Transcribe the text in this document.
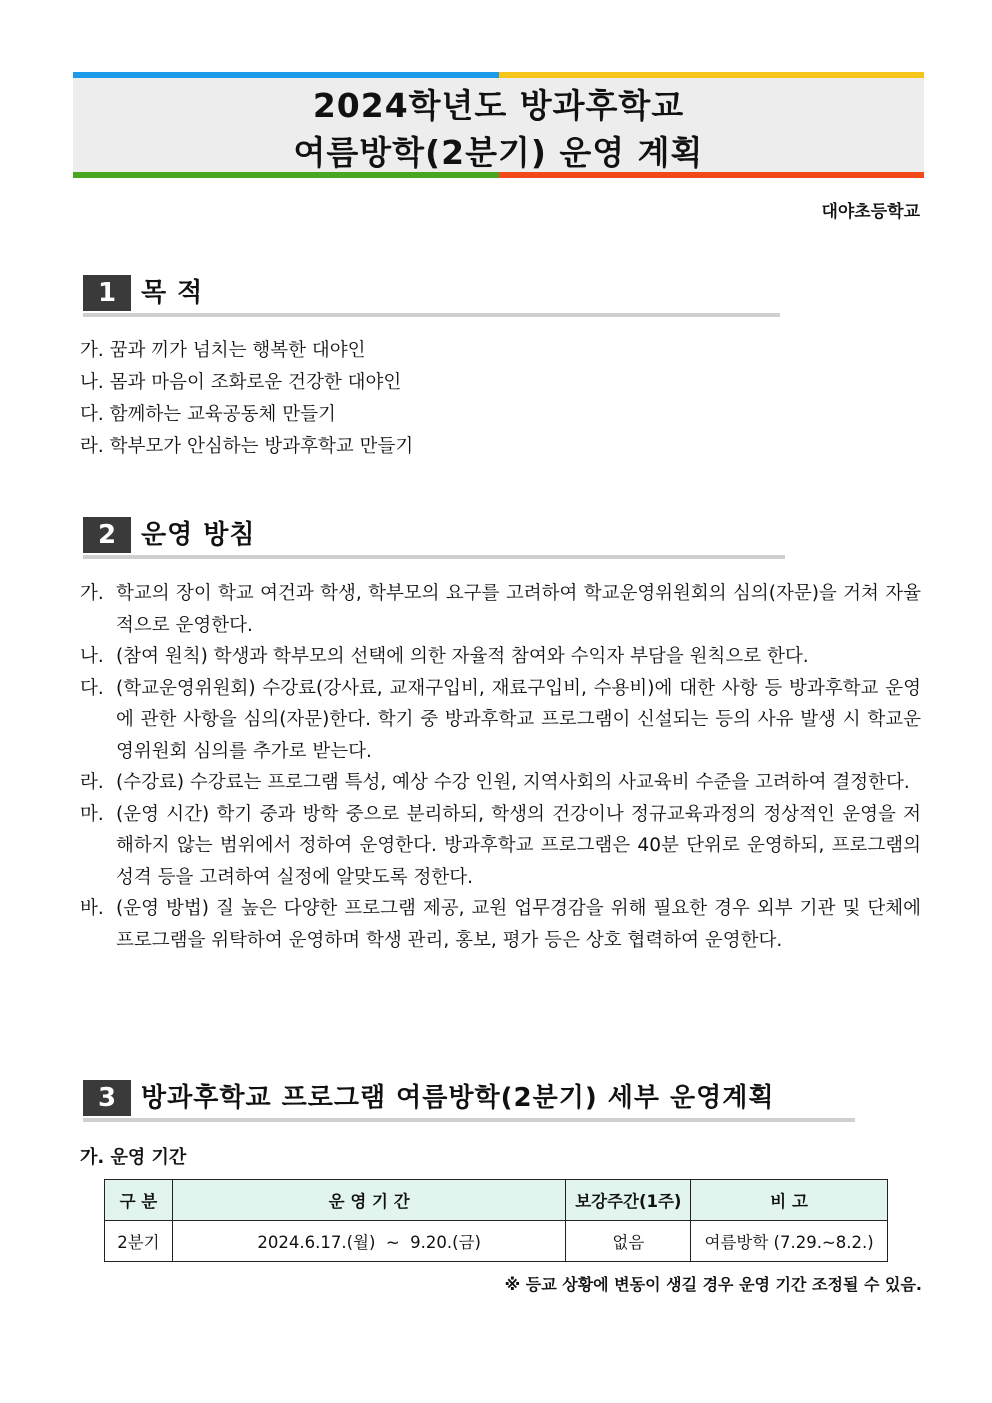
2024학년도 방과후학교
여름방학(2분기) 운영 계획
대야초등학교
1 목 적
가. 꿈과 끼가 넘치는 행복한 대야인
나. 몸과 마음이 조화로운 건강한 대야인
다. 함께하는 교육공동체 만들기
라. 학부모가 안심하는 방과후학교 만들기
2 운영 방침
가. 학교의 장이 학교 여건과 학생, 학부모의 요구를 고려하여 학교운영위원회의 심의(자문)을 거쳐 자율적으로 운영한다.
나. (참여 원칙) 학생과 학부모의 선택에 의한 자율적 참여와 수익자 부담을 원칙으로 한다.
다. (학교운영위원회) 수강료(강사료, 교재구입비, 재료구입비, 수용비)에 대한 사항 등 방과후학교 운영에 관한 사항을 심의(자문)한다. 학기 중 방과후학교 프로그램이 신설되는 등의 사유 발생 시 학교운영위원회 심의를 추가로 받는다.
라. (수강료) 수강료는 프로그램 특성, 예상 수강 인원, 지역사회의 사교육비 수준을 고려하여 결정한다.
마. (운영 시간) 학기 중과 방학 중으로 분리하되, 학생의 건강이나 정규교육과정의 정상적인 운영을 저해하지 않는 범위에서 정하여 운영한다. 방과후학교 프로그램은 40분 단위로 운영하되, 프로그램의 성격 등을 고려하여 실정에 알맞도록 정한다.
바. (운영 방법) 질 높은 다양한 프로그램 제공, 교원 업무경감을 위해 필요한 경우 외부 기관 및 단체에 프로그램을 위탁하여 운영하며 학생 관리, 홍보, 평가 등은 상호 협력하여 운영한다.
3 방과후학교 프로그램 여름방학(2분기) 세부 운영계획
가. 운영 기간
구 분	운 영 기 간	보강주간(1주)	비 고
2분기	2024.6.17.(월)  ~  9.20.(금)	없음	여름방학 (7.29.~8.2.)
※ 등교 상황에 변동이 생길 경우 운영 기간 조정될 수 있음.
